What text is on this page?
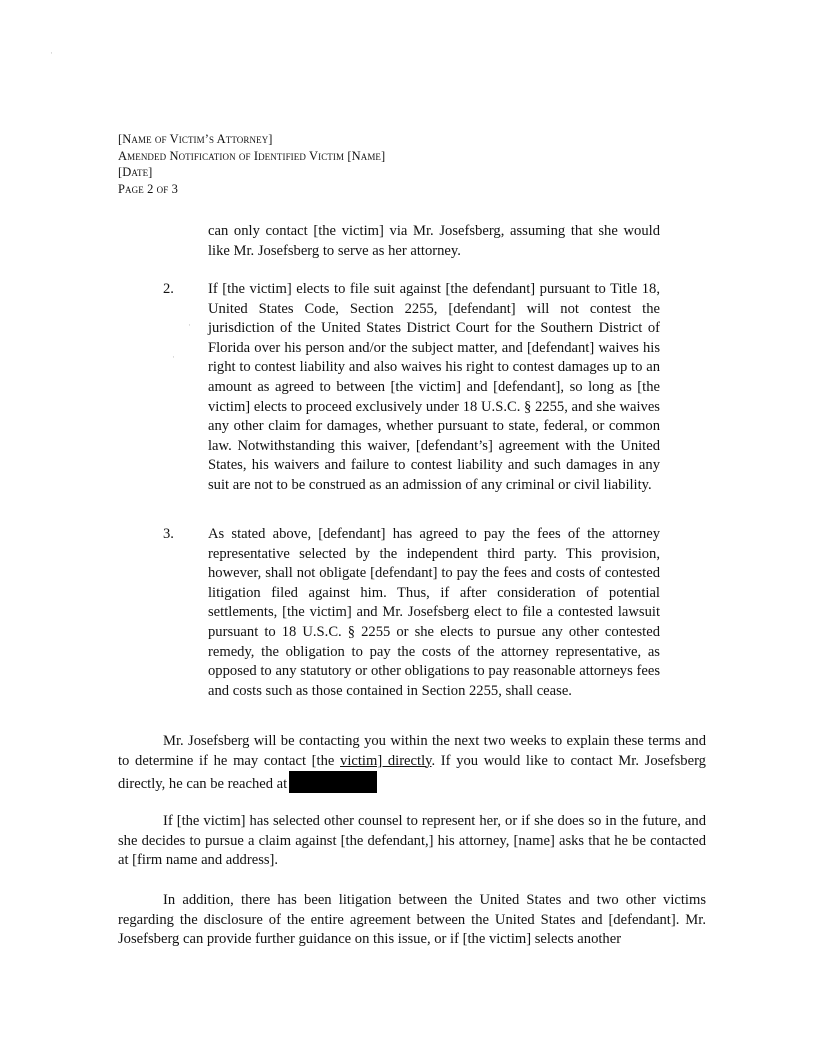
[Name of Victim’s Attorney]
Amended Notification of Identified Victim [Name]
[Date]
Page 2 of 3
can only contact [the victim] via Mr. Josefsberg, assuming that she would like Mr. Josefsberg to serve as her attorney.
2. If [the victim] elects to file suit against [the defendant] pursuant to Title 18, United States Code, Section 2255, [defendant] will not contest the jurisdiction of the United States District Court for the Southern District of Florida over his person and/or the subject matter, and [defendant] waives his right to contest liability and also waives his right to contest damages up to an amount as agreed to between [the victim] and [defendant], so long as [the victim] elects to proceed exclusively under 18 U.S.C. § 2255, and she waives any other claim for damages, whether pursuant to state, federal, or common law. Notwithstanding this waiver, [defendant’s] agreement with the United States, his waivers and failure to contest liability and such damages in any suit are not to be construed as an admission of any criminal or civil liability.
3. As stated above, [defendant] has agreed to pay the fees of the attorney representative selected by the independent third party. This provision, however, shall not obligate [defendant] to pay the fees and costs of contested litigation filed against him. Thus, if after consideration of potential settlements, [the victim] and Mr. Josefsberg elect to file a contested lawsuit pursuant to 18 U.S.C. § 2255 or she elects to pursue any other contested remedy, the obligation to pay the costs of the attorney representative, as opposed to any statutory or other obligations to pay reasonable attorneys fees and costs such as those contained in Section 2255, shall cease.
Mr. Josefsberg will be contacting you within the next two weeks to explain these terms and to determine if he may contact [the victim] directly. If you would like to contact Mr. Josefsberg directly, he can be reached at
If [the victim] has selected other counsel to represent her, or if she does so in the future, and she decides to pursue a claim against [the defendant,] his attorney, [name] asks that he be contacted at [firm name and address].
In addition, there has been litigation between the United States and two other victims regarding the disclosure of the entire agreement between the United States and [defendant]. Mr. Josefsberg can provide further guidance on this issue, or if [the victim] selects another
·
·
·
